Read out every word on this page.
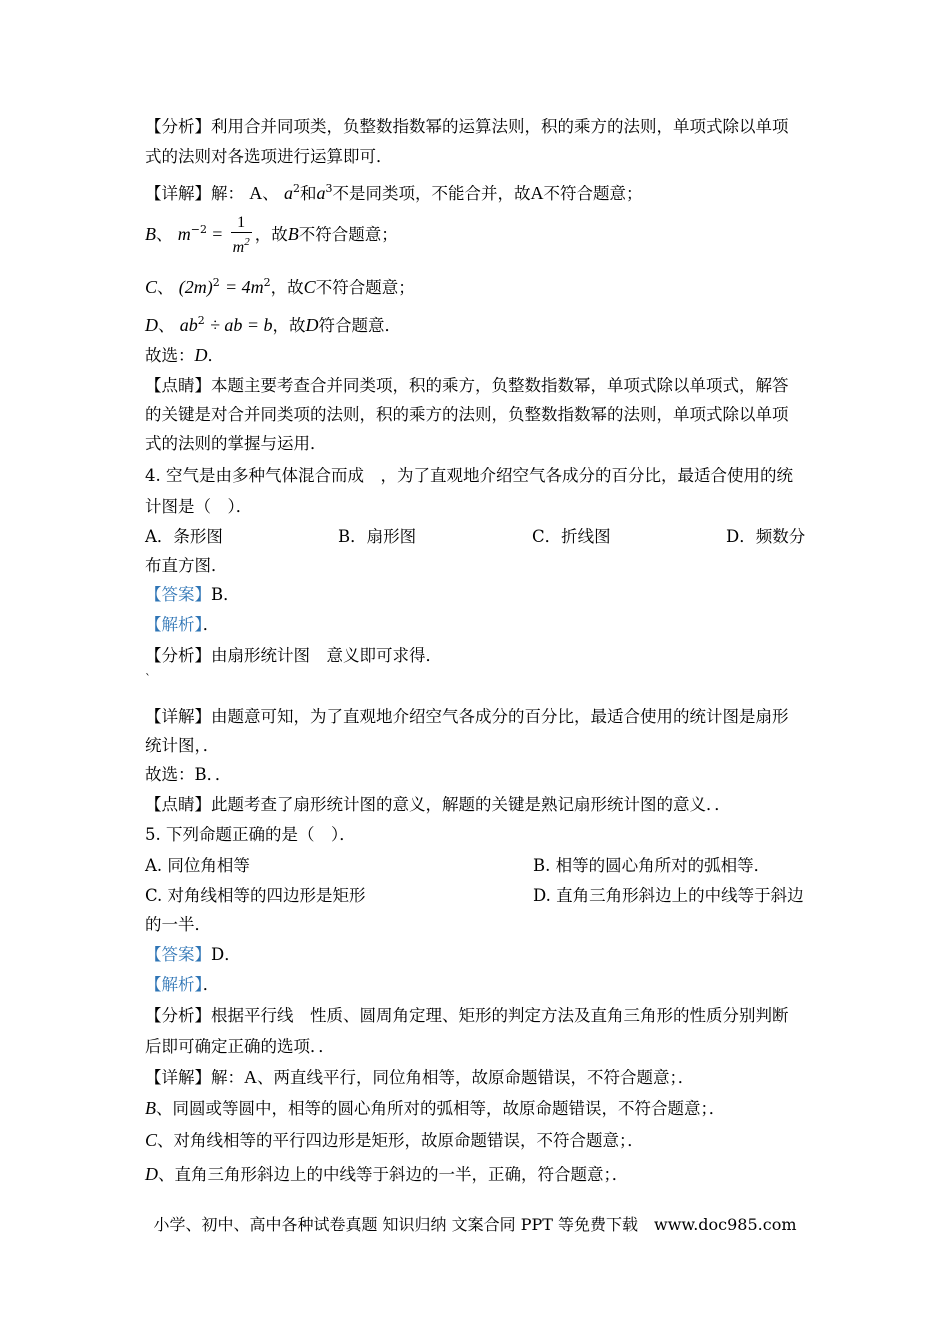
【分析】利用合并同项类，负整数指数幂的运算法则，积的乘方的法则，单项式除以单项
式的法则对各选项进行运算即可．
【详解】解： A、 $a^2$和$a^3$不是同类项，不能合并，故A不符合题意；
B、 $m^{-2} = \frac{1}{m^2}$ ，故B不符合题意；
C、 $(2m)^2 = 4m^2$，故C不符合题意；
D、 $ab^2$ ÷ ab = b，故D符合题意．
故选：D．
【点睛】本题主要考查合并同类项，积的乘方，负整数指数幂，单项式除以单项式，解答
的关键是对合并同类项的法则，积的乘方的法则，负整数指数幂的法则，单项式除以单项
式的法则的掌握与运用．
4. 空气是由多种气体混合而成　，为了直观地介绍空气各成分的百分比，最适合使用的统
计图是（　）．
A．条形图	B．扇形图	C．折线图	D．频数分
布直方图．
【答案】B．
【解析】．
【分析】由扇形统计图　意义即可求得．
ˋ
【详解】由题意可知，为了直观地介绍空气各成分的百分比，最适合使用的统计图是扇形
统计图，．
故选：B．．
【点睛】此题考查了扇形统计图的意义，解题的关键是熟记扇形统计图的意义．．
5. 下列命题正确的是（　）．
A. 同位角相等	B. 相等的圆心角所对的弧相等．
C. 对角线相等的四边形是矩形	D. 直角三角形斜边上的中线等于斜边
的一半．
【答案】D．
【解析】．
【分析】根据平行线　性质、圆周角定理、矩形的判定方法及直角三角形的性质分别判断
后即可确定正确的选项．．
【详解】解：A、两直线平行，同位角相等，故原命题错误，不符合题意；．
B、同圆或等圆中，相等的圆心角所对的弧相等，故原命题错误，不符合题意；．
C、对角线相等的平行四边形是矩形，故原命题错误，不符合题意；．
D、直角三角形斜边上的中线等于斜边的一半，正确，符合题意；．
小学、初中、高中各种试卷真题 知识归纳 文案合同 PPT 等免费下载　www.doc985.com
